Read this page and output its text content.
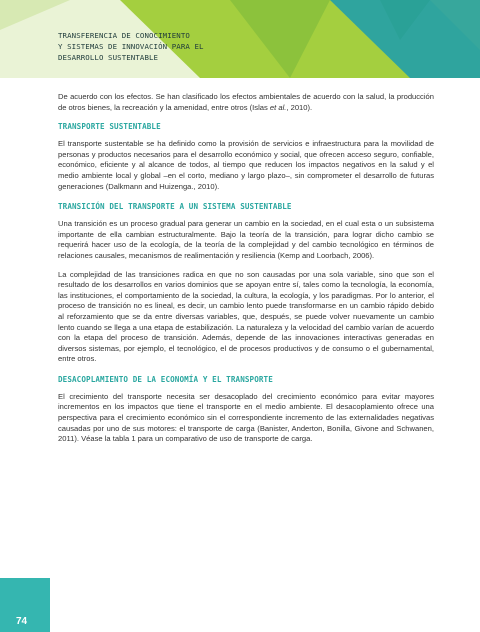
TRANSFERENCIA DE CONOCIMIENTO
Y SISTEMAS DE INNOVACIÓN PARA EL
DESARROLLO SUSTENTABLE

De acuerdo con los efectos. Se han clasificado los efectos ambientales de acuerdo con la salud, la producción de otros bienes, la recreación y la amenidad, entre otros (Islas et al., 2010).

TRANSPORTE SUSTENTABLE

El transporte sustentable se ha definido como la provisión de servicios e infraestructura para la movilidad de personas y productos necesarios para el desarrollo económico y social, que ofrecen acceso seguro, confiable, económico, eficiente y al alcance de todos, al tiempo que reducen los impactos negativos en la salud y el medio ambiente local y global –en el corto, mediano y largo plazo–, sin comprometer el desarrollo de futuras generaciones (Dalkmann and Huizenga., 2010).

TRANSICIÓN DEL TRANSPORTE A UN SISTEMA SUSTENTABLE

Una transición es un proceso gradual para generar un cambio en la sociedad, en el cual esta o un subsistema importante de ella cambian estructuralmente. Bajo la teoría de la transición, para lograr dicho cambio se requerirá hacer uso de la ecología, de la teoría de la complejidad y del cambio tecnológico en términos de relaciones causales, mecanismos de realimentación y resiliencia (Kemp and Loorbach, 2006).

La complejidad de las transiciones radica en que no son causadas por una sola variable, sino que son el resultado de los desarrollos en varios dominios que se apoyan entre sí, tales como la tecnología, la economía, las instituciones, el comportamiento de la sociedad, la cultura, la ecología, y los paradigmas. Por lo anterior, el proceso de transición no es lineal, es decir, un cambio lento puede transformarse en un cambio rápido debido al reforzamiento que se da entre diversas variables, que, después, se puede volver nuevamente un cambio lento cuando se llega a una etapa de estabilización. La naturaleza y la velocidad del cambio varían de acuerdo con la etapa del proceso de transición. Además, depende de las innovaciones interactivas generadas en diversos sistemas, por ejemplo, el tecnológico, el de procesos productivos y de consumo o el gubernamental, entre otros.

DESACOPLAMIENTO DE LA ECONOMÍA Y EL TRANSPORTE

El crecimiento del transporte necesita ser desacoplado del crecimiento económico para evitar mayores incrementos en los impactos que tiene el transporte en el medio ambiente. El desacoplamiento ofrece una perspectiva para el crecimiento económico sin el correspondiente incremento de las externalidades negativas causadas por uno de sus motores: el transporte de carga (Banister, Anderton, Bonilla, Givone and Schwanen, 2011). Véase la tabla 1 para un comparativo de uso de transporte de carga.

74
